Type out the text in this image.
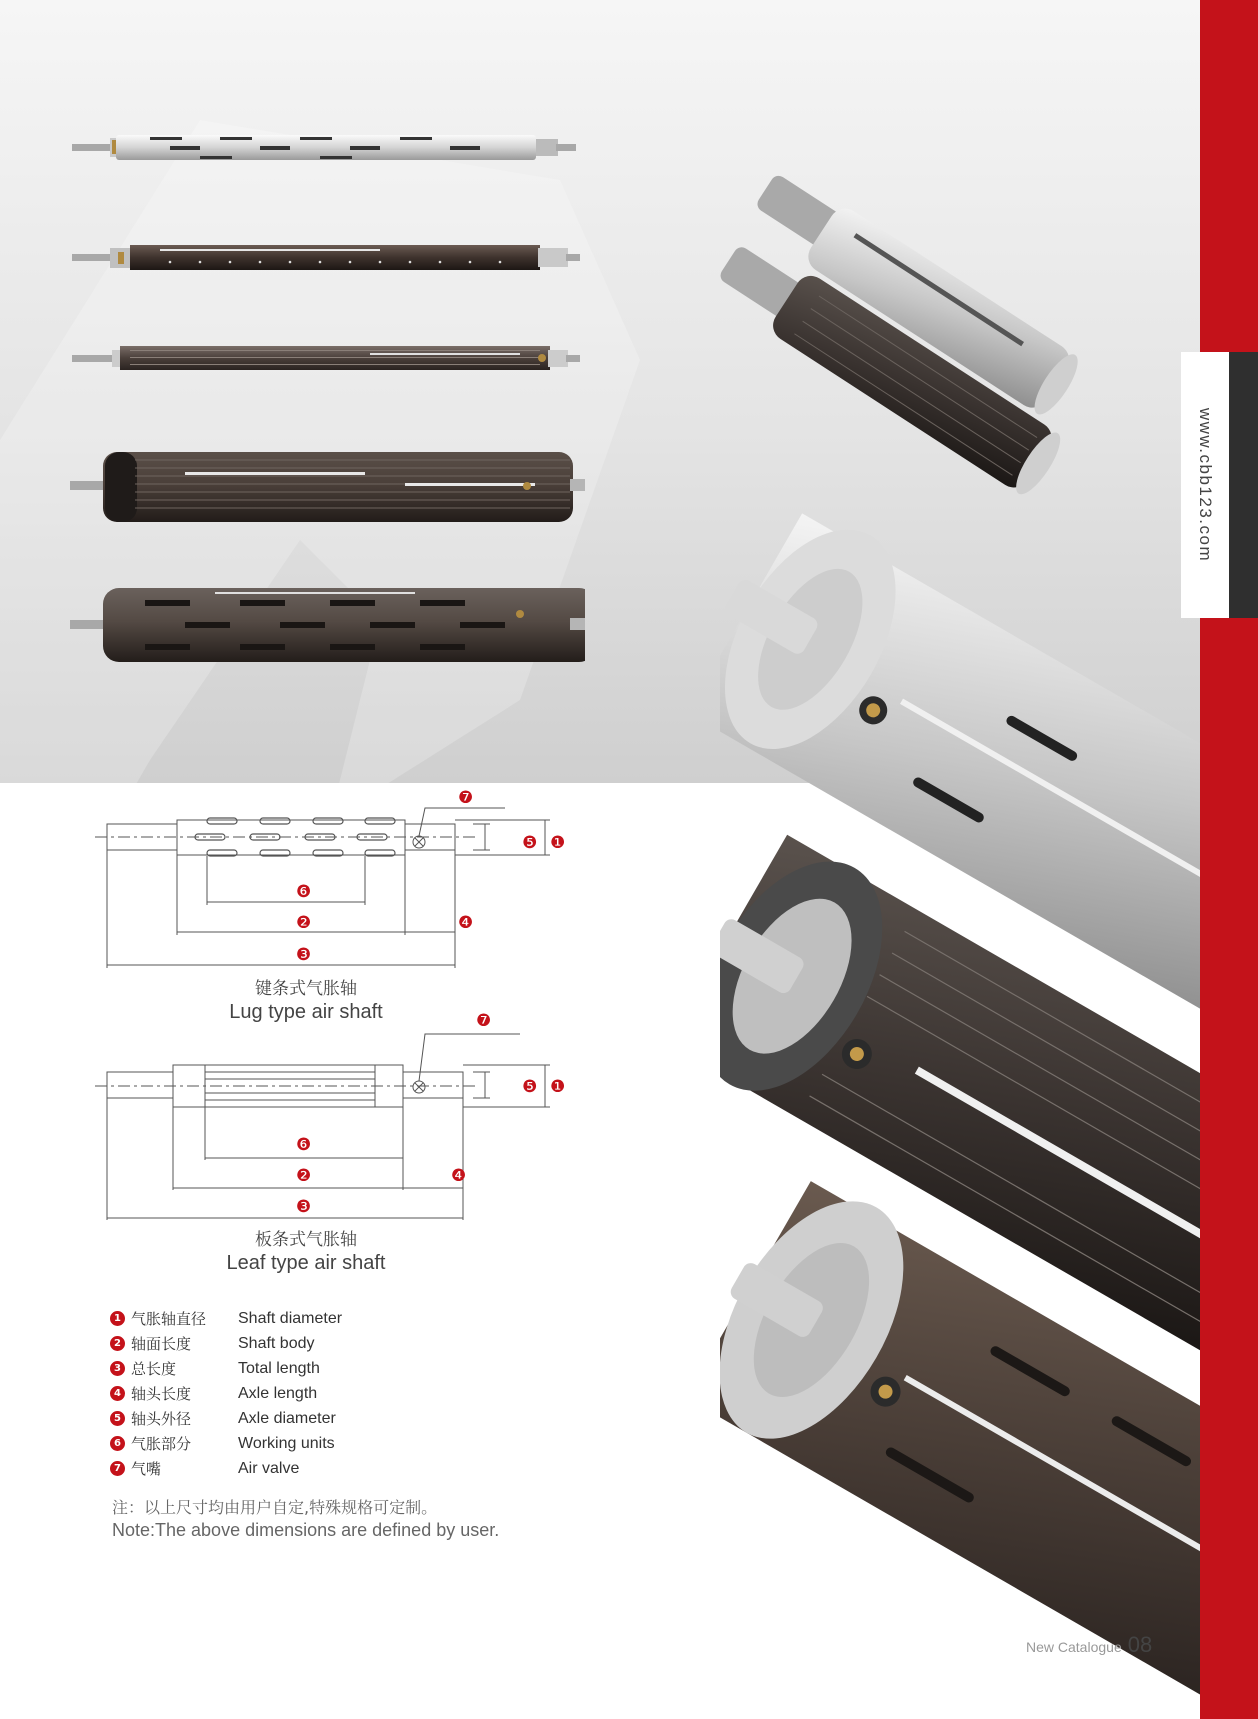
www.cbb123.com
❼
❺ ❶
❻
❷	❹
❸
键条式气胀轴
Lug type air shaft	❼
❺ ❶
❻
❷	❹
❸
板条式气胀轴
Leaf type air shaft
1 气胀轴直径	Shaft diameter
2 轴面长度	Shaft body
3 总长度	Total length
4 轴头长度	Axle length
5 轴头外径	Axle diameter
6 气胀部分	Working units
7 气嘴	Air valve
注：以上尺寸均由用户自定,特殊规格可定制。
Note:The above dimensions are defined by user.
New Catalogue 08
